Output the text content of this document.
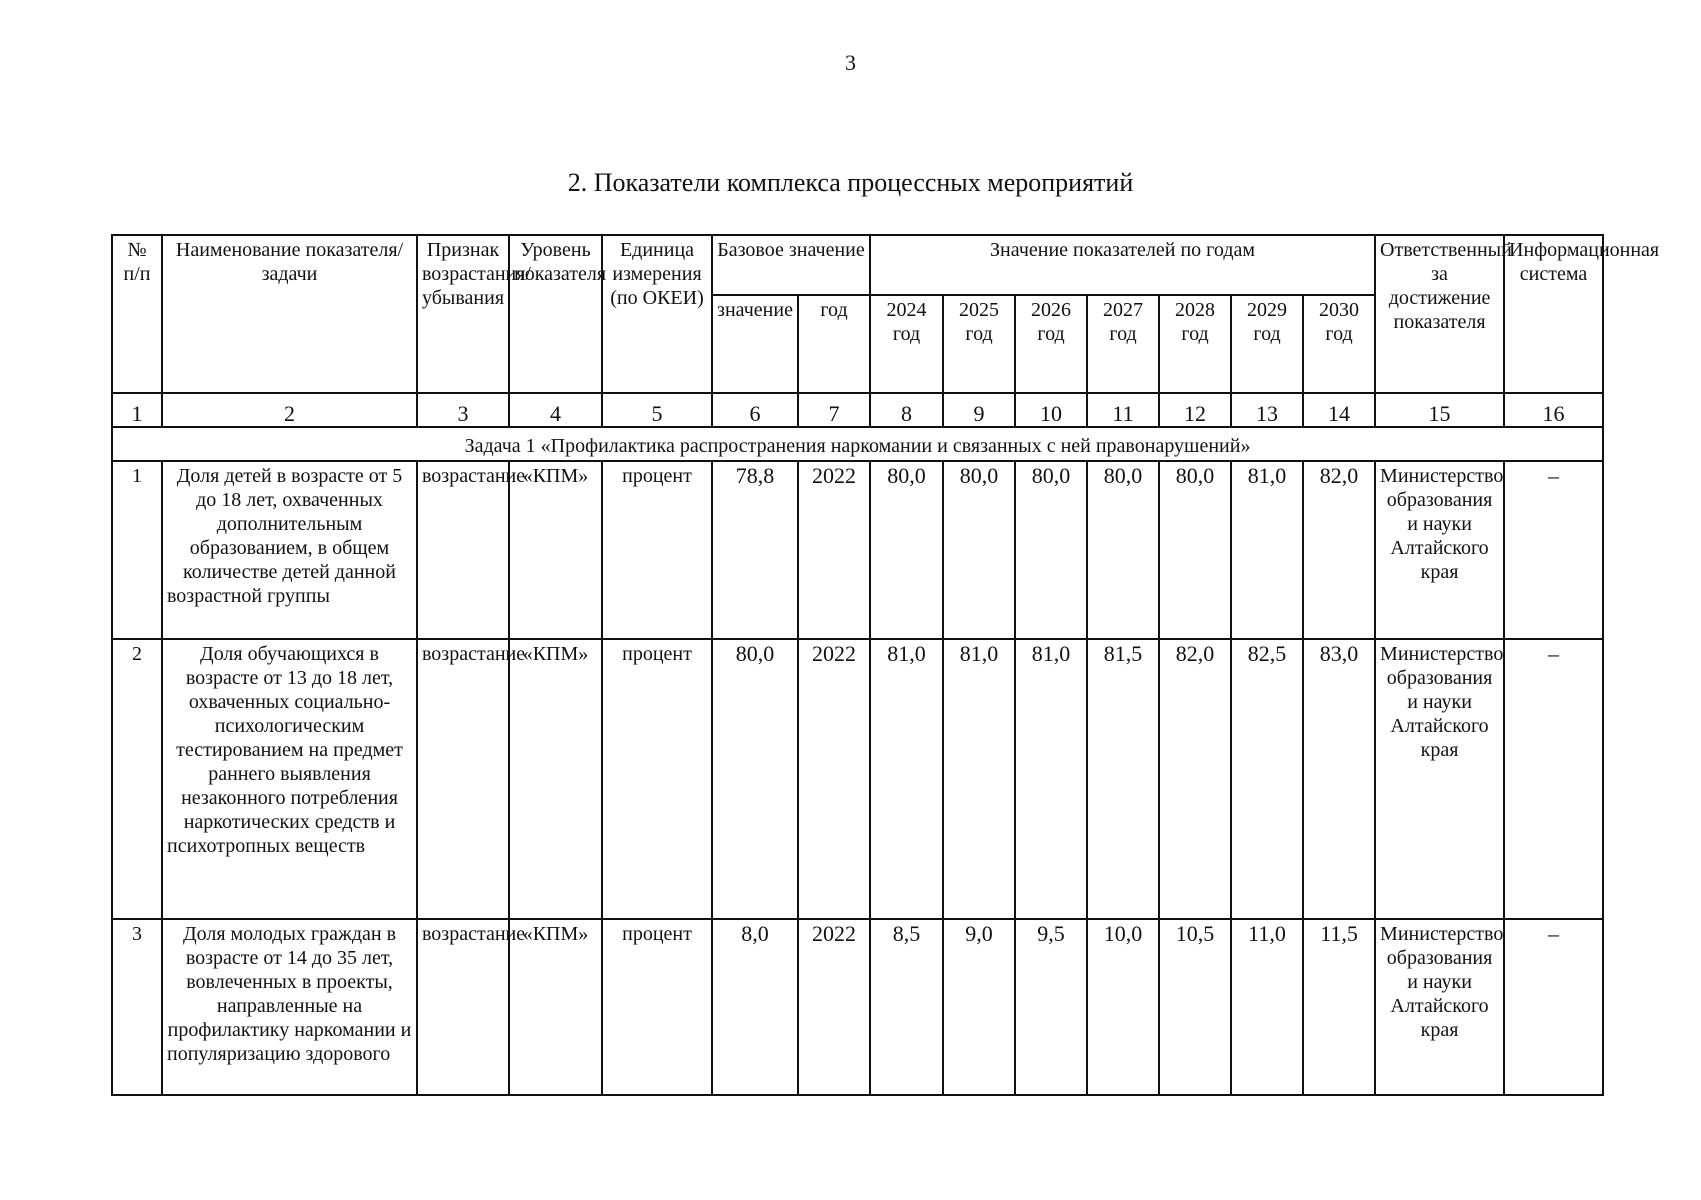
3
2. Показатели комплекса процессных мероприятий
№ п/п	Наименование показателя/задачи	Признак возрастания/ убывания	Уровень показателя	Единица измерения (по ОКЕИ)	Базовое значение		Значение показателей по годам							Ответственный за достижение показателя	Информационная система
					значение	год	2024 год	2025 год	2026 год	2027 год	2028 год	2029 год	2030 год		
1	2	3	4	5	6	7	8	9	10	11	12	13	14	15	16
Задача 1 «Профилактика распространения наркомании и связанных с ней правонарушений»															
1	Доля детей в возрасте от 5 до 18 лет, охваченных дополнительным образованием, в общем количестве детей данной возрастной группы	возрастание	«КПМ»	процент	78,8	2022	80,0	80,0	80,0	80,0	80,0	81,0	82,0	Министерство образования и науки Алтайского края	–
2	Доля обучающихся в возрасте от 13 до 18 лет, охваченных социально-психологическим тестированием на предмет раннего выявления незаконного потребления наркотических средств и психотропных веществ	возрастание	«КПМ»	процент	80,0	2022	81,0	81,0	81,0	81,5	82,0	82,5	83,0	Министерство образования и науки Алтайского края	–
3	Доля молодых граждан в возрасте от 14 до 35 лет, вовлеченных в проекты, направленные на профилактику наркомании и популяризацию здорового	возрастание	«КПМ»	процент	8,0	2022	8,5	9,0	9,5	10,0	10,5	11,0	11,5	Министерство образования и науки Алтайского края	–
